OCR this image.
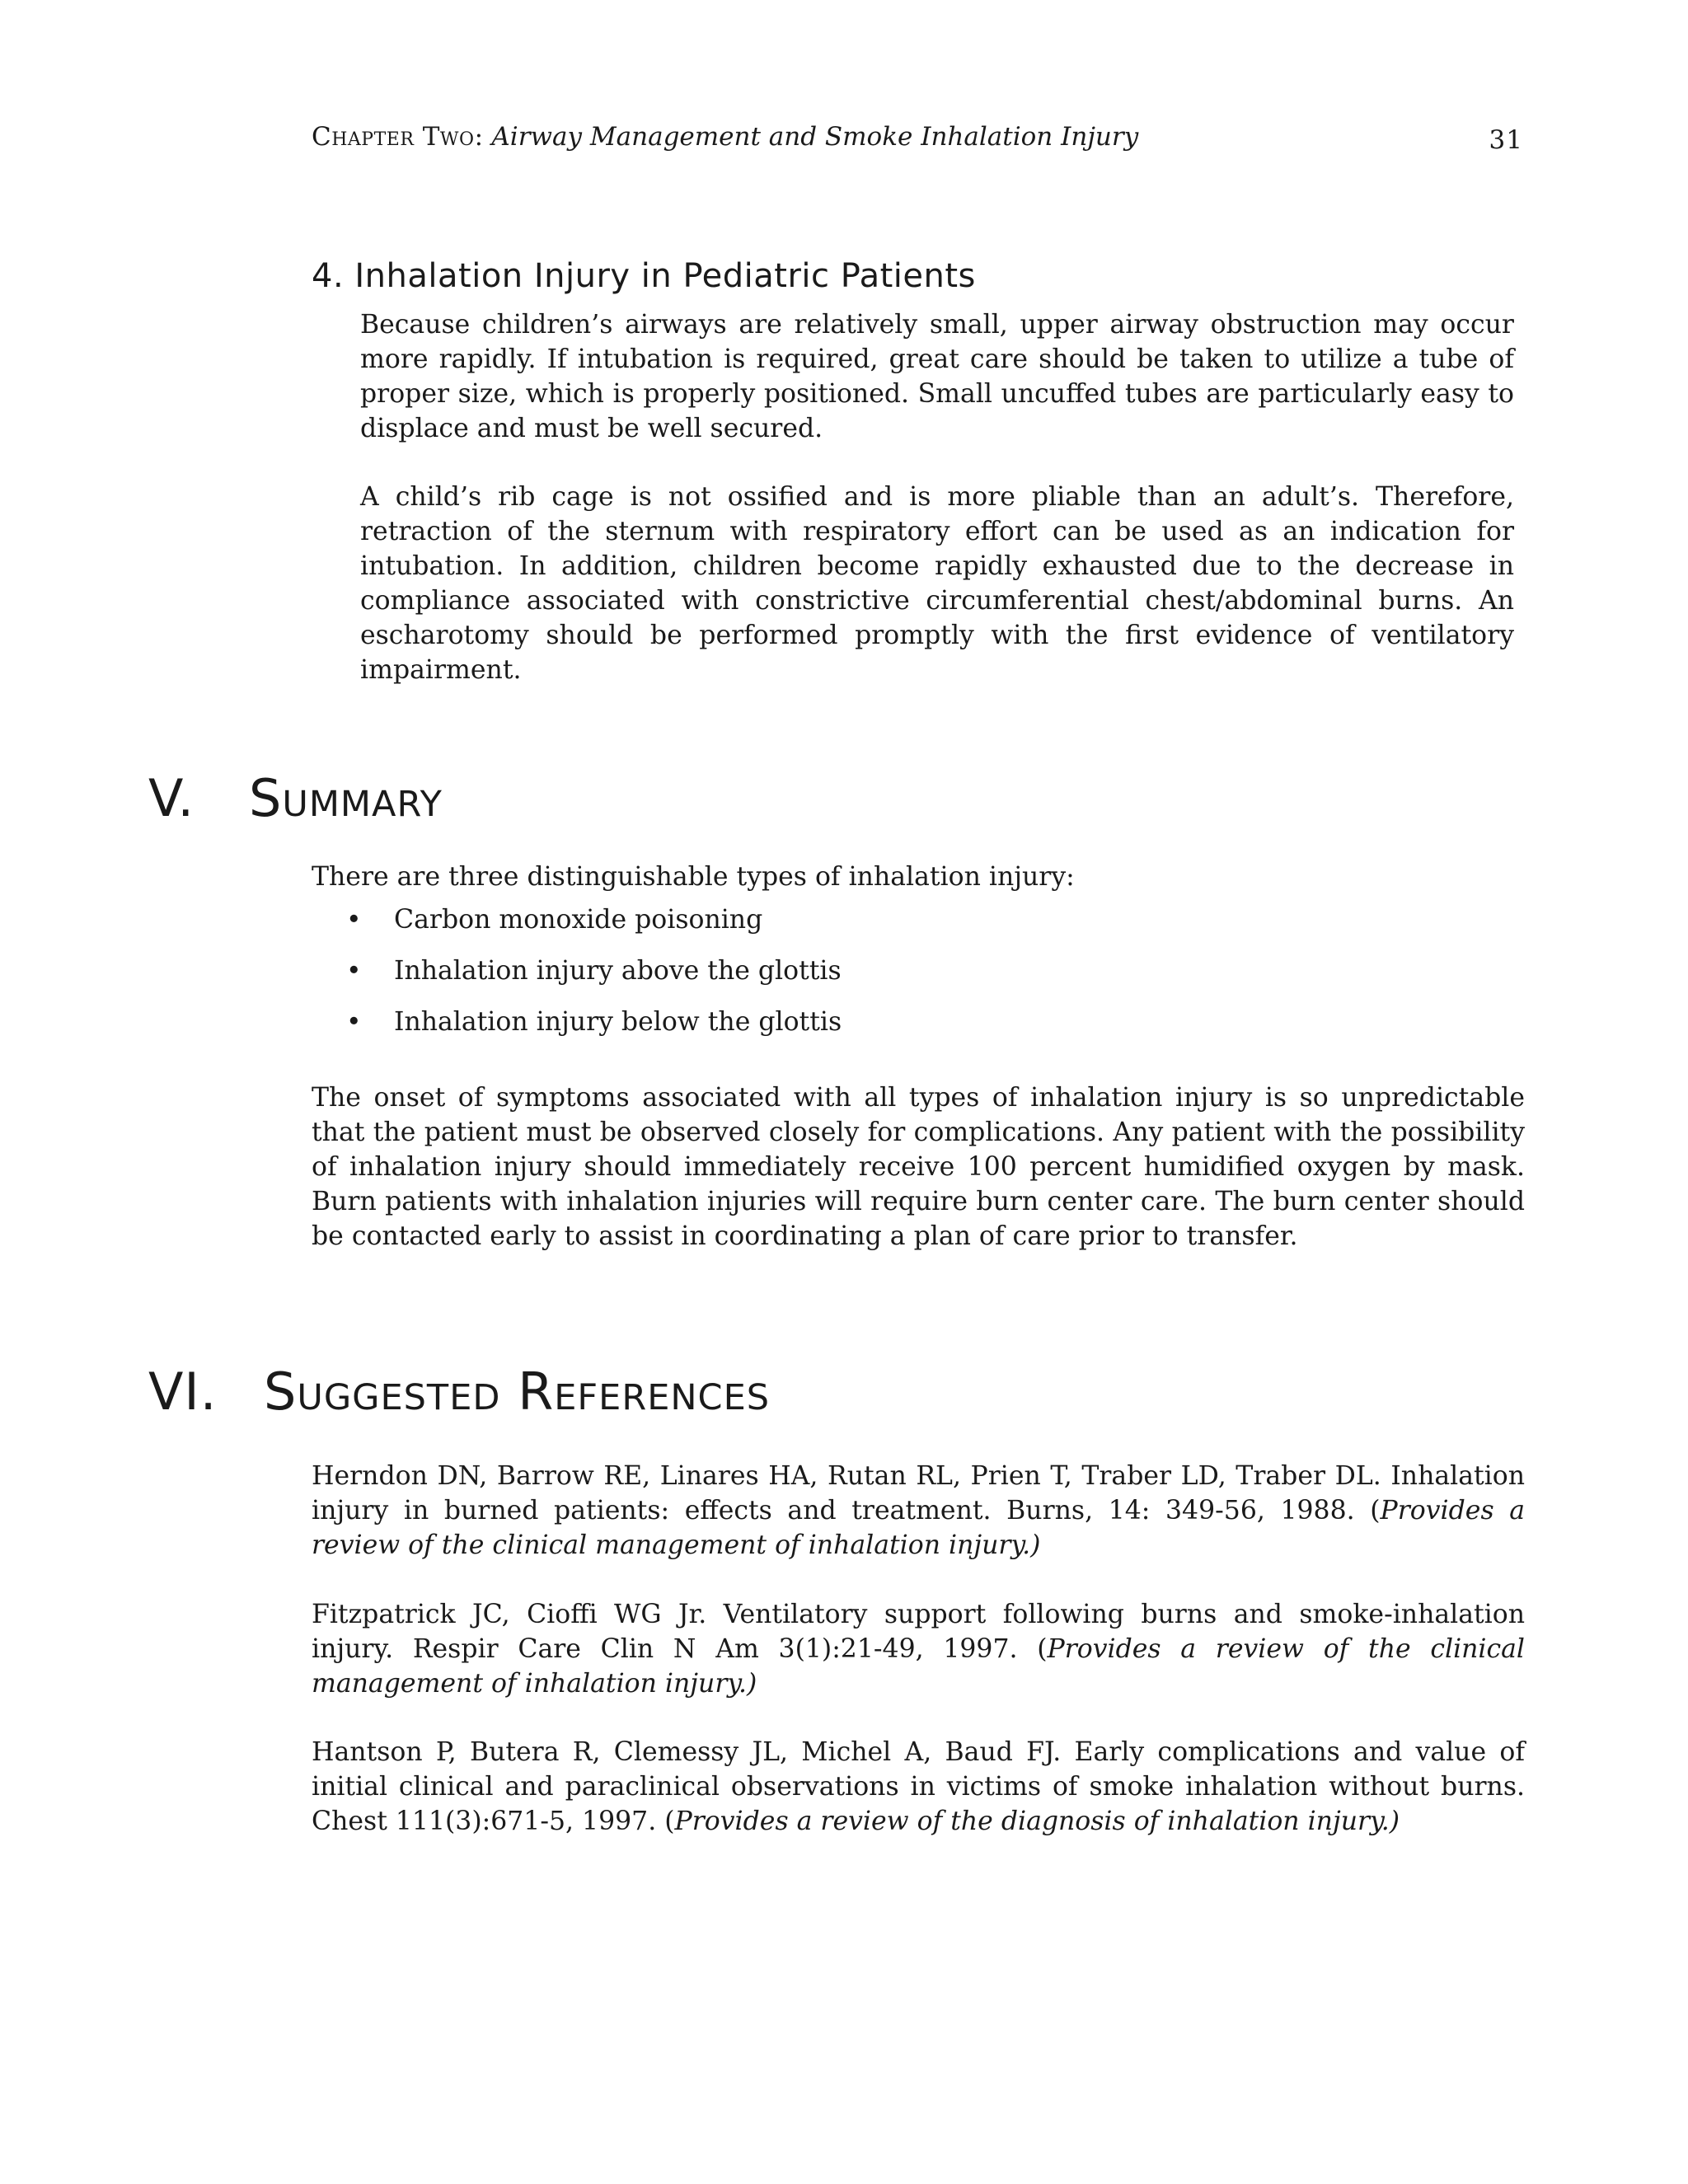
Chapter Two: Airway Management and Smoke Inhalation Injury	31
4. Inhalation Injury in Pediatric Patients

Because children’s airways are relatively small, upper airway obstruction may occur more rapidly. If intubation is required, great care should be taken to utilize a tube of proper size, which is properly positioned. Small uncuffed tubes are particularly easy to displace and must be well secured.

A child’s rib cage is not ossified and is more pliable than an adult’s. Therefore, retraction of the sternum with respiratory effort can be used as an indication for intubation. In addition, children become rapidly exhausted due to the decrease in compliance associated with constrictive circumferential chest/abdominal burns. An escharotomy should be performed promptly with the first evidence of ventilatory impairment.

V. Summary

There are three distinguishable types of inhalation injury:

•	Carbon monoxide poisoning
•	Inhalation injury above the glottis
•	Inhalation injury below the glottis

The onset of symptoms associated with all types of inhalation injury is so unpredictable that the patient must be observed closely for complications. Any patient with the possibility of inhalation injury should immediately receive 100 percent humidified oxygen by mask. Burn patients with inhalation injuries will require burn center care. The burn center should be contacted early to assist in coordinating a plan of care prior to transfer.

VI. Suggested References

Herndon DN, Barrow RE, Linares HA, Rutan RL, Prien T, Traber LD, Traber DL. Inhalation injury in burned patients: effects and treatment. Burns, 14: 349-56, 1988. (Provides a review of the clinical management of inhalation injury.)

Fitzpatrick JC, Cioffi WG Jr. Ventilatory support following burns and smoke-inhalation injury. Respir Care Clin N Am 3(1):21-49, 1997. (Provides a review of the clinical management of inhalation injury.)

Hantson P, Butera R, Clemessy JL, Michel A, Baud FJ. Early complications and value of initial clinical and paraclinical observations in victims of smoke inhalation without burns. Chest 111(3):671-5, 1997. (Provides a review of the diagnosis of inhalation injury.)
